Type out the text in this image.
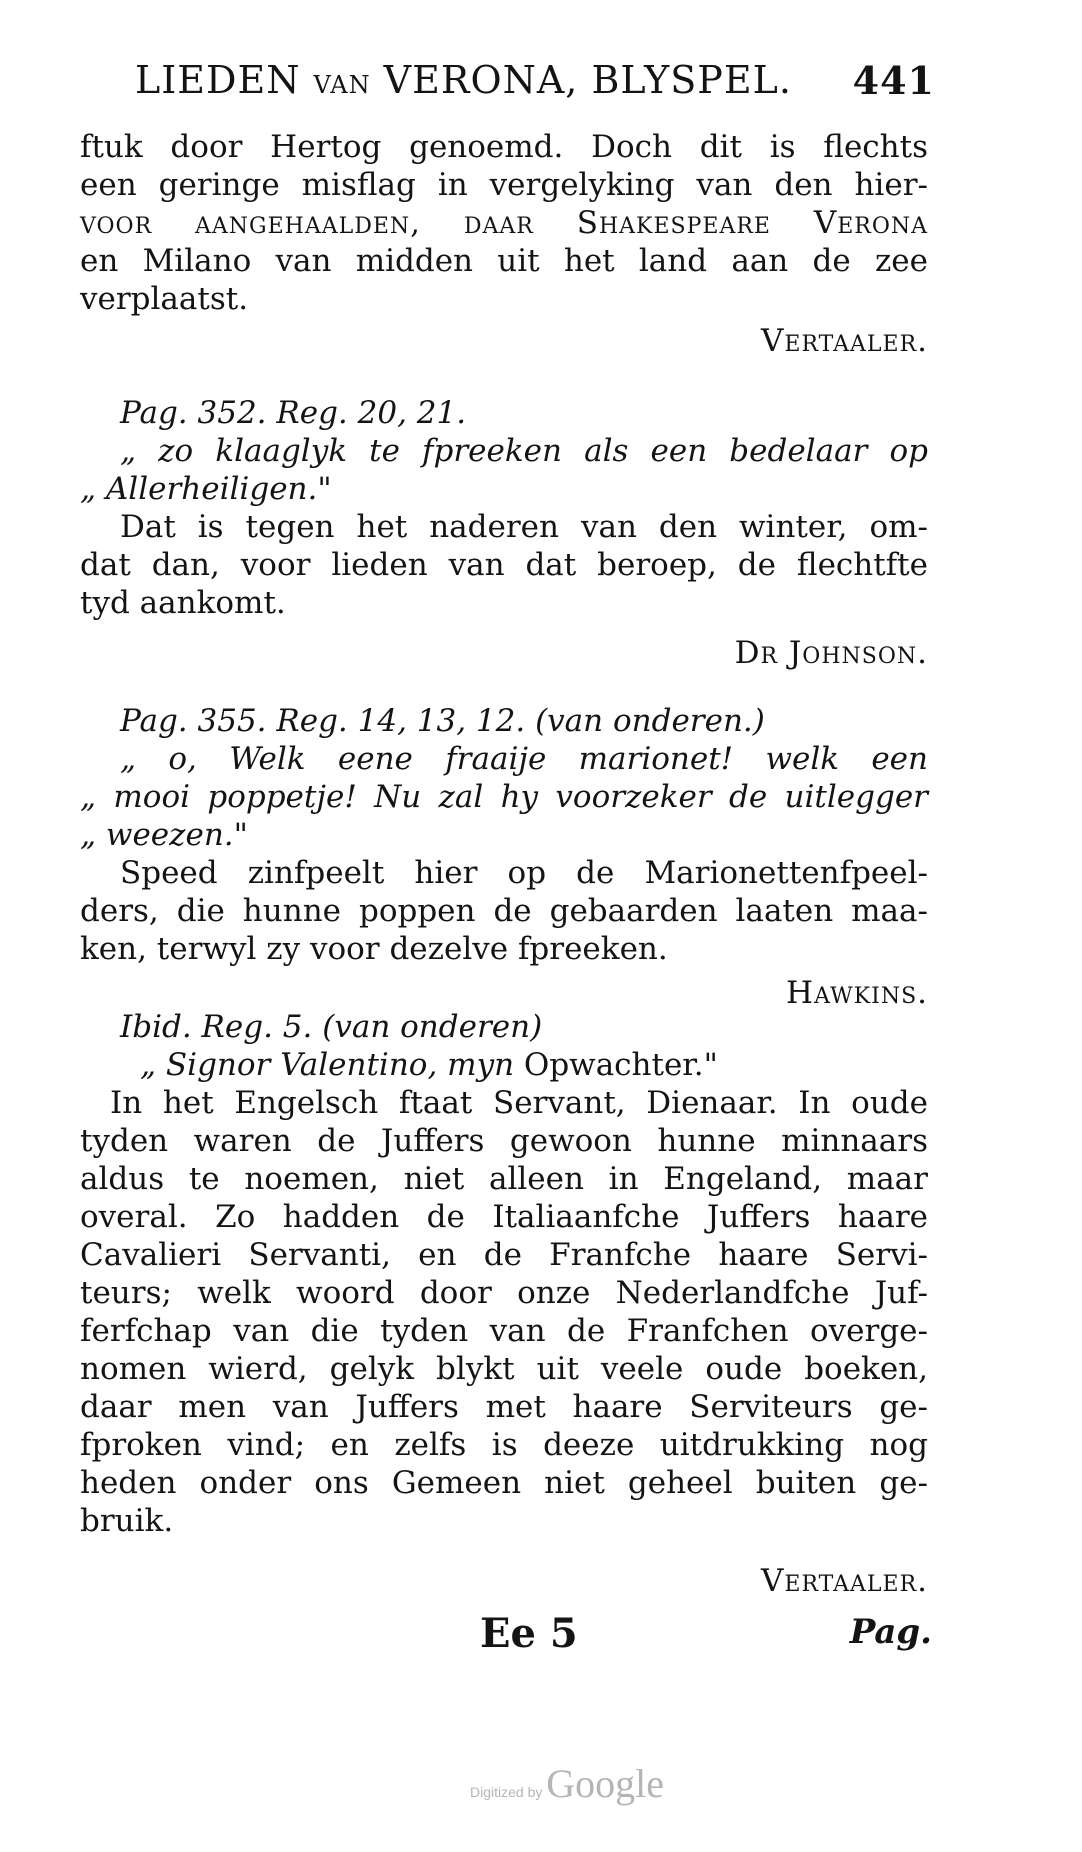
LIEDEN VAN VERONA, BLYSPEL. 441
ftuk door Hertog genoemd. Doch dit is flechts
een geringe misflag in vergelyking van den hier-
voor aangehaalden, daar Shakespeare Verona
en Milano van midden uit het land aan de zee
verplaatst.
Vertaaler.
Pag. 352. Reg. 20, 21.
„ zo klaaglyk te fpreeken als een bedelaar op
„ Allerheiligen."
Dat is tegen het naderen van den winter, om-
dat dan, voor lieden van dat beroep, de flechtfte
tyd aankomt.
Dr Johnson.
Pag. 355. Reg. 14, 13, 12. (van onderen.)
„ o, Welk eene fraaije marionet! welk een
„ mooi poppetje! Nu zal hy voorzeker de uitlegger
„ weezen."
Speed zinfpeelt hier op de Marionettenfpeel-
ders, die hunne poppen de gebaarden laaten maa-
ken, terwyl zy voor dezelve fpreeken.
Hawkins.
Ibid. Reg. 5. (van onderen)
„ Signor Valentino, myn Opwachter."
In het Engelsch ftaat Servant, Dienaar. In oude
tyden waren de Juffers gewoon hunne minnaars
aldus te noemen, niet alleen in Engeland, maar
overal. Zo hadden de Italiaanfche Juffers haare
Cavalieri Servanti, en de Franfche haare Servi-
teurs; welk woord door onze Nederlandfche Juf-
ferfchap van die tyden van de Franfchen overge-
nomen wierd, gelyk blykt uit veele oude boeken,
daar men van Juffers met haare Serviteurs ge-
fproken vind; en zelfs is deeze uitdrukking nog
heden onder ons Gemeen niet geheel buiten ge-
bruik.
Vertaaler.
Ee 5	Pag.
Digitized by Google
